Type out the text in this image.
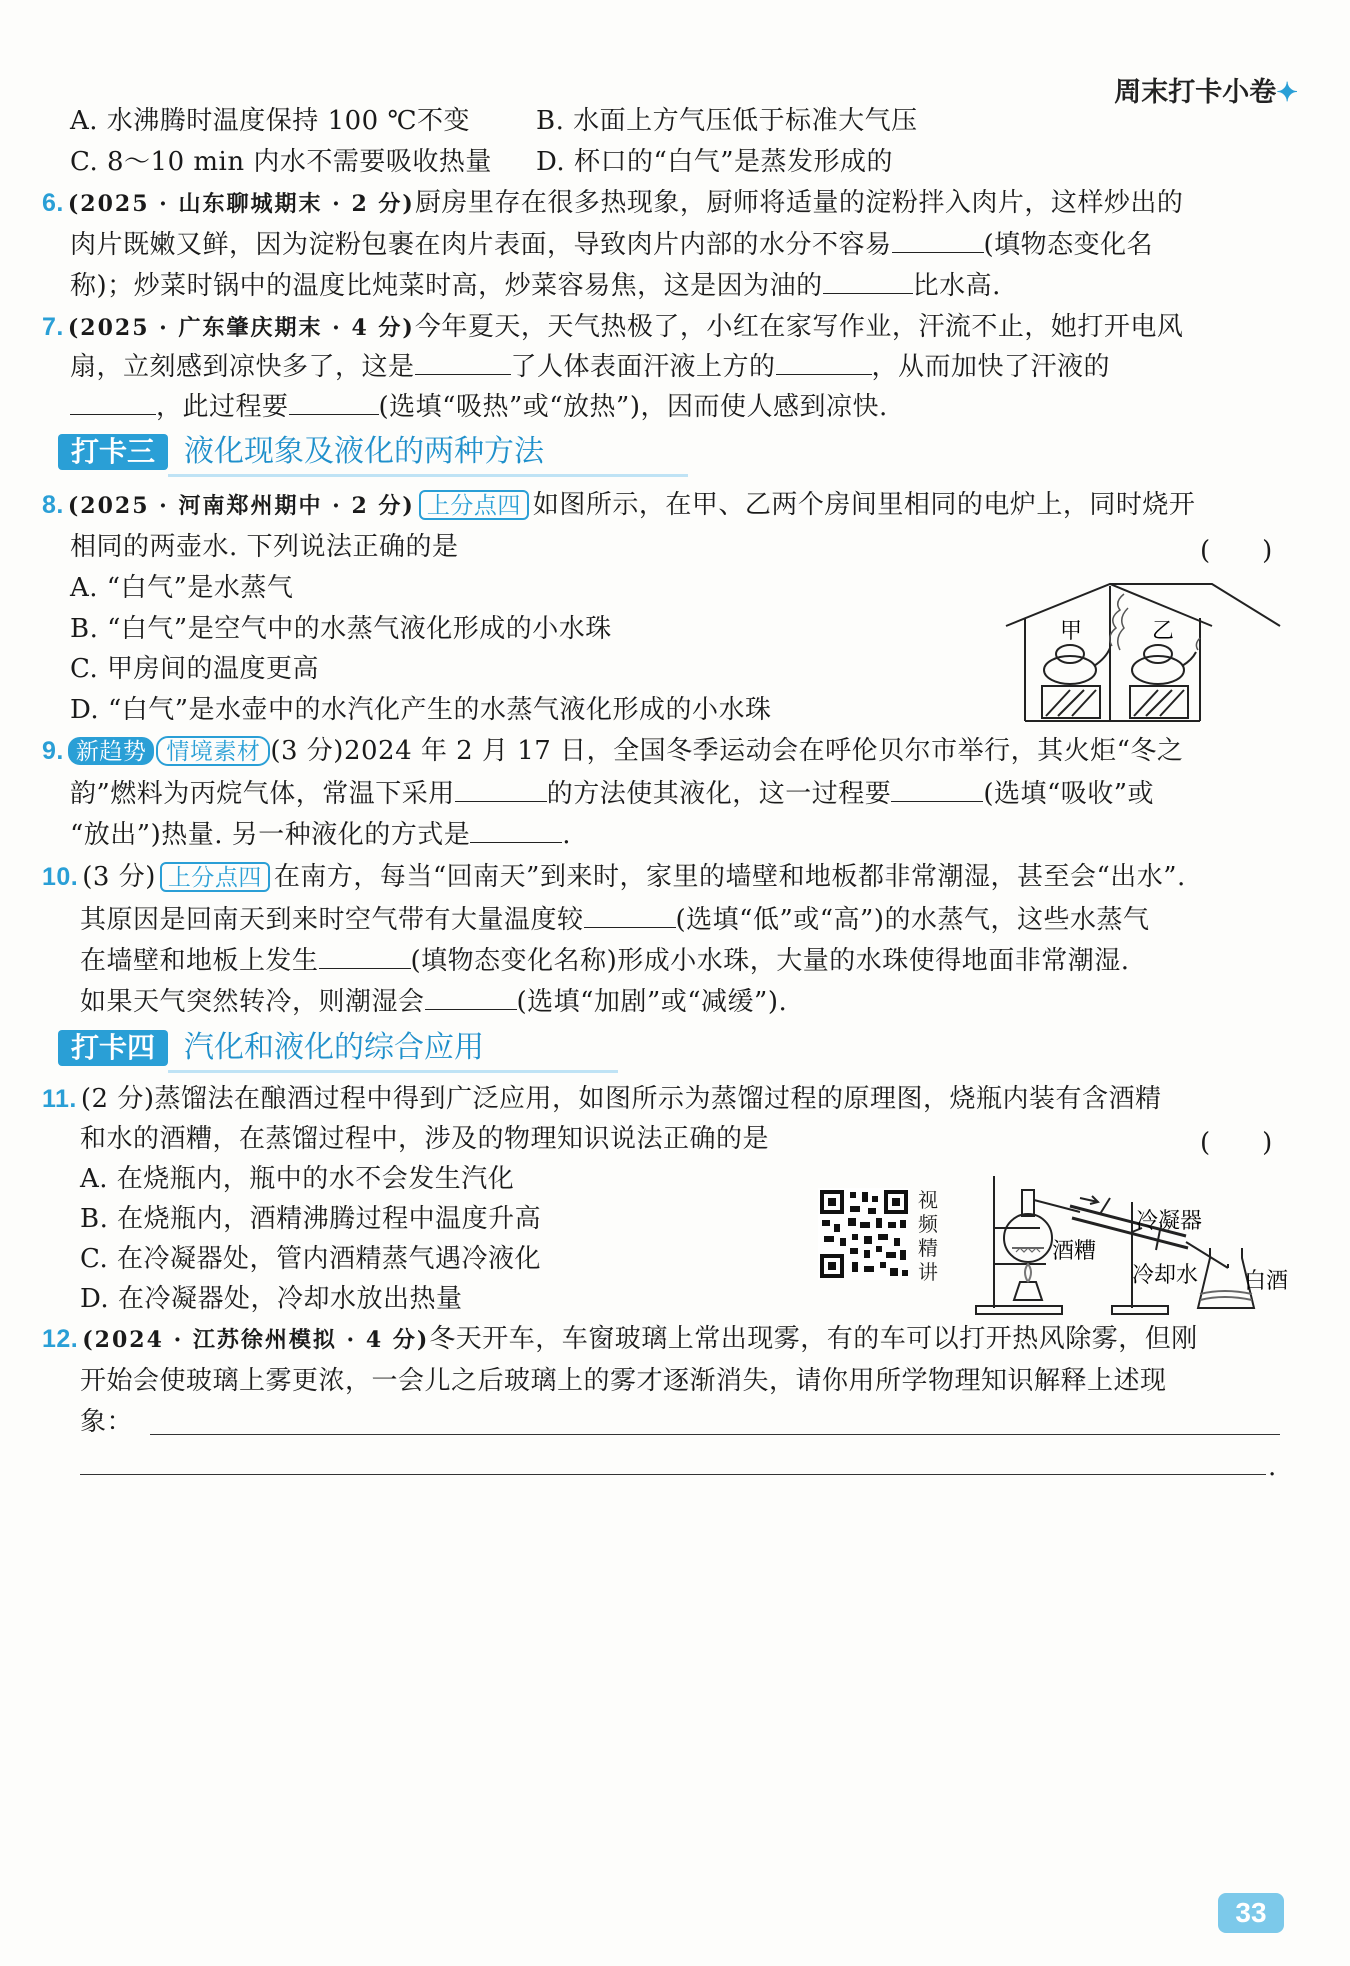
周末打卡小卷✦
A. 水沸腾时温度保持 100 ℃不变	B. 水面上方气压低于标准大气压
C. 8～10 min 内水不需要吸收热量 D. 杯口的“白气”是蒸发形成的
6. (2025 · 山东聊城期末 · 2 分)厨房里存在很多热现象，厨师将适量的淀粉拌入肉片，这样炒出的
肉片既嫩又鲜，因为淀粉包裹在肉片表面，导致肉片内部的水分不容易	(填物态变化名
称)；炒菜时锅中的温度比炖菜时高，炒菜容易焦，这是因为油的	比水高.
7. (2025 · 广东肇庆期末 · 4 分)今年夏天，天气热极了，小红在家写作业，汗流不止，她打开电风
扇，立刻感到凉快多了，这是	了人体表面汗液上方的	，从而加快了汗液的
，此过程要	(选填“吸热”或“放热”)，因而使人感到凉快.
打卡三 液化现象及液化的两种方法
8. (2025 · 河南郑州期中 · 2 分) 上分点四 如图所示，在甲、乙两个房间里相同的电炉上，同时烧开
相同的两壶水. 下列说法正确的是	(　　)
A. “白气”是水蒸气
B. “白气”是空气中的水蒸气液化形成的小水珠
C. 甲房间的温度更高
D. “白气”是水壶中的水汽化产生的水蒸气液化形成的小水珠
甲	乙
9. 新趋势 情境素材 (3 分)2024 年 2 月 17 日，全国冬季运动会在呼伦贝尔市举行，其火炬“冬之
韵”燃料为丙烷气体，常温下采用	的方法使其液化，这一过程要	(选填“吸收”或
“放出”)热量. 另一种液化的方式是	.
10. (3 分) 上分点四 在南方，每当“回南天”到来时，家里的墙壁和地板都非常潮湿，甚至会“出水”.
其原因是回南天到来时空气带有大量温度较	(选填“低”或“高”)的水蒸气，这些水蒸气
在墙壁和地板上发生	(填物态变化名称)形成小水珠，大量的水珠使得地面非常潮湿.
如果天气突然转冷，则潮湿会	(选填“加剧”或“减缓”).
打卡四 汽化和液化的综合应用
11. (2 分)蒸馏法在酿酒过程中得到广泛应用，如图所示为蒸馏过程的原理图，烧瓶内装有含酒精
和水的酒糟，在蒸馏过程中，涉及的物理知识说法正确的是	(　　)
A. 在烧瓶内，瓶中的水不会发生汽化
B. 在烧瓶内，酒精沸腾过程中温度升高
C. 在冷凝器处，管内酒精蒸气遇冷液化
D. 在冷凝器处，冷却水放出热量
视
频
精
讲
冷凝器
酒糟
冷却水 白酒
12. (2024 · 江苏徐州模拟 · 4 分)冬天开车，车窗玻璃上常出现雾，有的车可以打开热风除雾，但刚
开始会使玻璃上雾更浓，一会儿之后玻璃上的雾才逐渐消失，请你用所学物理知识解释上述现
象：
.
33
